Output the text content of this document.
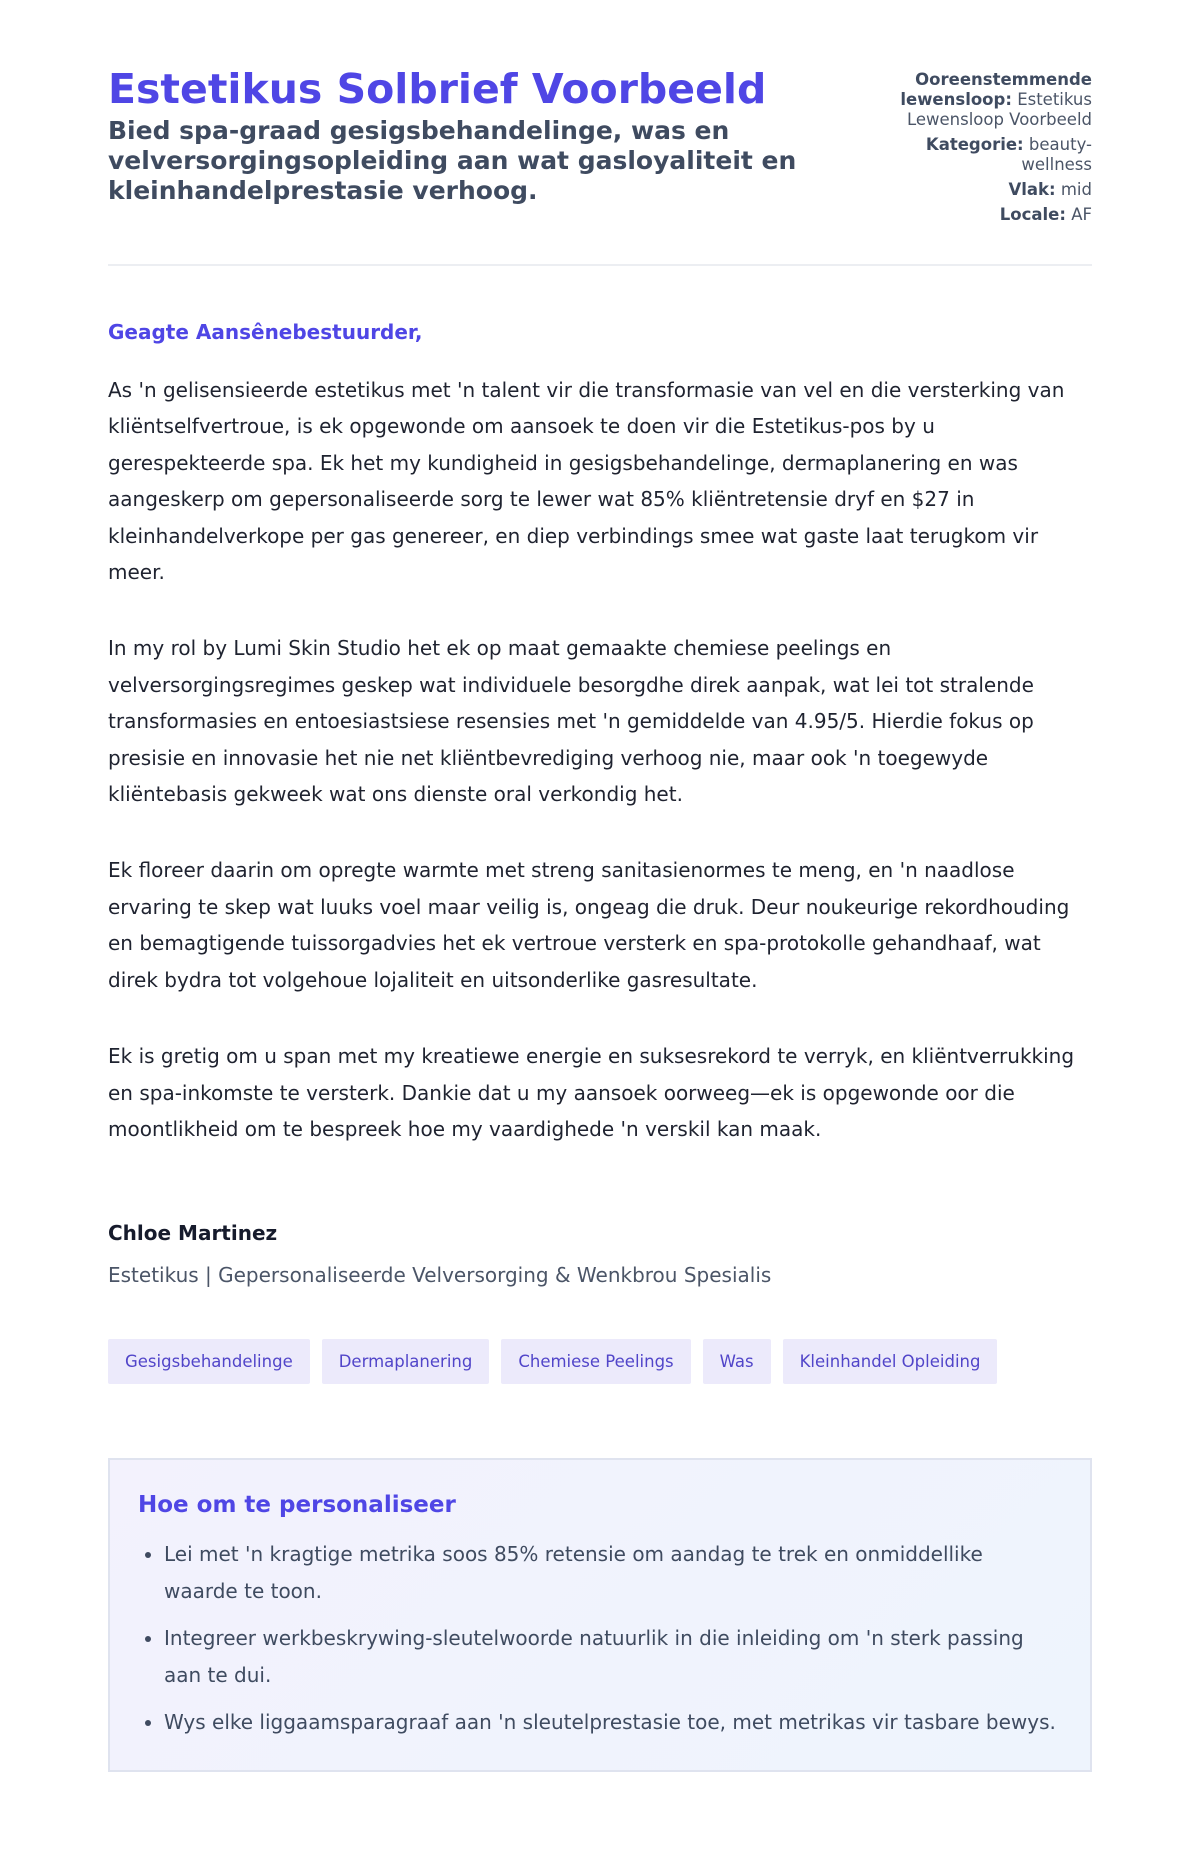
Estetikus Solbrief Voorbeeld
Bied spa-graad gesigsbehandelinge, was en velversorgingsopleiding aan wat gasloyaliteit en kleinhandelprestasie verhoog.
Ooreenstemmende lewensloop: Estetikus Lewensloop Voorbeeld
Kategorie: beauty-wellness
Vlak: mid
Locale: AF

Geagte Aansênebestuurder,

As 'n gelisensieerde estetikus met 'n talent vir die transformasie van vel en die versterking van kliëntselfvertroue, is ek opgewonde om aansoek te doen vir die Estetikus-pos by u gerespekteerde spa. Ek het my kundigheid in gesigsbehandelinge, dermaplanering en was aangeskerp om gepersonaliseerde sorg te lewer wat 85% kliëntretensie dryf en $27 in kleinhandelverkope per gas genereer, en diep verbindings smee wat gaste laat terugkom vir meer.

In my rol by Lumi Skin Studio het ek op maat gemaakte chemiese peelings en velversorgingsregimes geskep wat individuele besorgdhe direk aanpak, wat lei tot stralende transformasies en entoesiastsiese resensies met 'n gemiddelde van 4.95/5. Hierdie fokus op presisie en innovasie het nie net kliëntbevrediging verhoog nie, maar ook 'n toegewyde kliëntebasis gekweek wat ons dienste oral verkondig het.

Ek floreer daarin om opregte warmte met streng sanitasienormes te meng, en 'n naadlose ervaring te skep wat luuks voel maar veilig is, ongeag die druk. Deur noukeurige rekordhouding en bemagtigende tuissorgadvies het ek vertroue versterk en spa-protokolle gehandhaaf, wat direk bydra tot volgehoue lojaliteit en uitsonderlike gasresultate.

Ek is gretig om u span met my kreatiewe energie en suksesrekord te verryk, en kliëntverrukking en spa-inkomste te versterk. Dankie dat u my aansoek oorweeg—ek is opgewonde oor die moontlikheid om te bespreek hoe my vaardighede 'n verskil kan maak.

Chloe Martinez
Estetikus | Gepersonaliseerde Velversorging & Wenkbrou Spesialis
Gesigsbehandelinge	Dermaplanering	Chemiese Peelings	Was	Kleinhandel Opleiding
Hoe om te personaliseer
• Lei met 'n kragtige metrika soos 85% retensie om aandag te trek en onmiddellike waarde te toon.
• Integreer werkbeskrywing-sleutelwoorde natuurlik in die inleiding om 'n sterk passing aan te dui.
• Wys elke liggaamsparagraaf aan 'n sleutelprestasie toe, met metrikas vir tasbare bewys.
